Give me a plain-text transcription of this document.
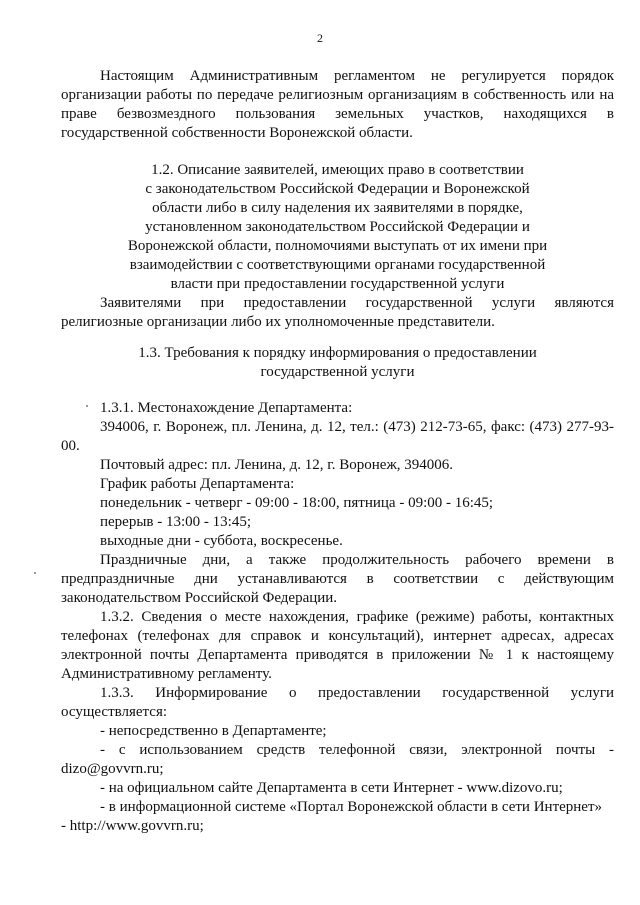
2
Настоящим Административным регламентом не регулируется порядок
организации работы по передаче религиозным организациям в собственность или на
праве безвозмездного пользования земельных участков, находящихся в
государственной собственности Воронежской области.
1.2. Описание заявителей, имеющих право в соответствии
с законодательством Российской Федерации и Воронежской
области либо в силу наделения их заявителями в порядке,
установленном законодательством Российской Федерации и
Воронежской области, полномочиями выступать от их имени при
взаимодействии с соответствующими органами государственной
власти при предоставлении государственной услуги
Заявителями при предоставлении государственной услуги являются
религиозные организации либо их уполномоченные представители.
1.3. Требования к порядку информирования о предоставлении
государственной услуги
1.3.1. Местонахождение Департамента:
394006, г. Воронеж, пл. Ленина, д. 12, тел.: (473) 212-73-65, факс: (473) 277-93-
00.
Почтовый адрес: пл. Ленина, д. 12, г. Воронеж, 394006.
График работы Департамента:
понедельник - четверг - 09:00 - 18:00, пятница - 09:00 - 16:45;
перерыв - 13:00 - 13:45;
выходные дни - суббота, воскресенье.
Праздничные дни, а также продолжительность рабочего времени в
предпраздничные дни устанавливаются в соответствии с действующим
законодательством Российской Федерации.
1.3.2. Сведения о месте нахождения, графике (режиме) работы, контактных
телефонах (телефонах для справок и консультаций), интернет адресах, адресах
электронной почты Департамента приводятся в приложении № 1 к настоящему
Административному регламенту.
1.3.3. Информирование о предоставлении государственной услуги
осуществляется:
- непосредственно в Департаменте;
- с использованием средств телефонной связи, электронной почты -
dizo@govvrn.ru;
- на официальном сайте Департамента в сети Интернет - www.dizovo.ru;
- в информационной системе «Портал Воронежской области в сети Интернет»
- http://www.govvrn.ru;
